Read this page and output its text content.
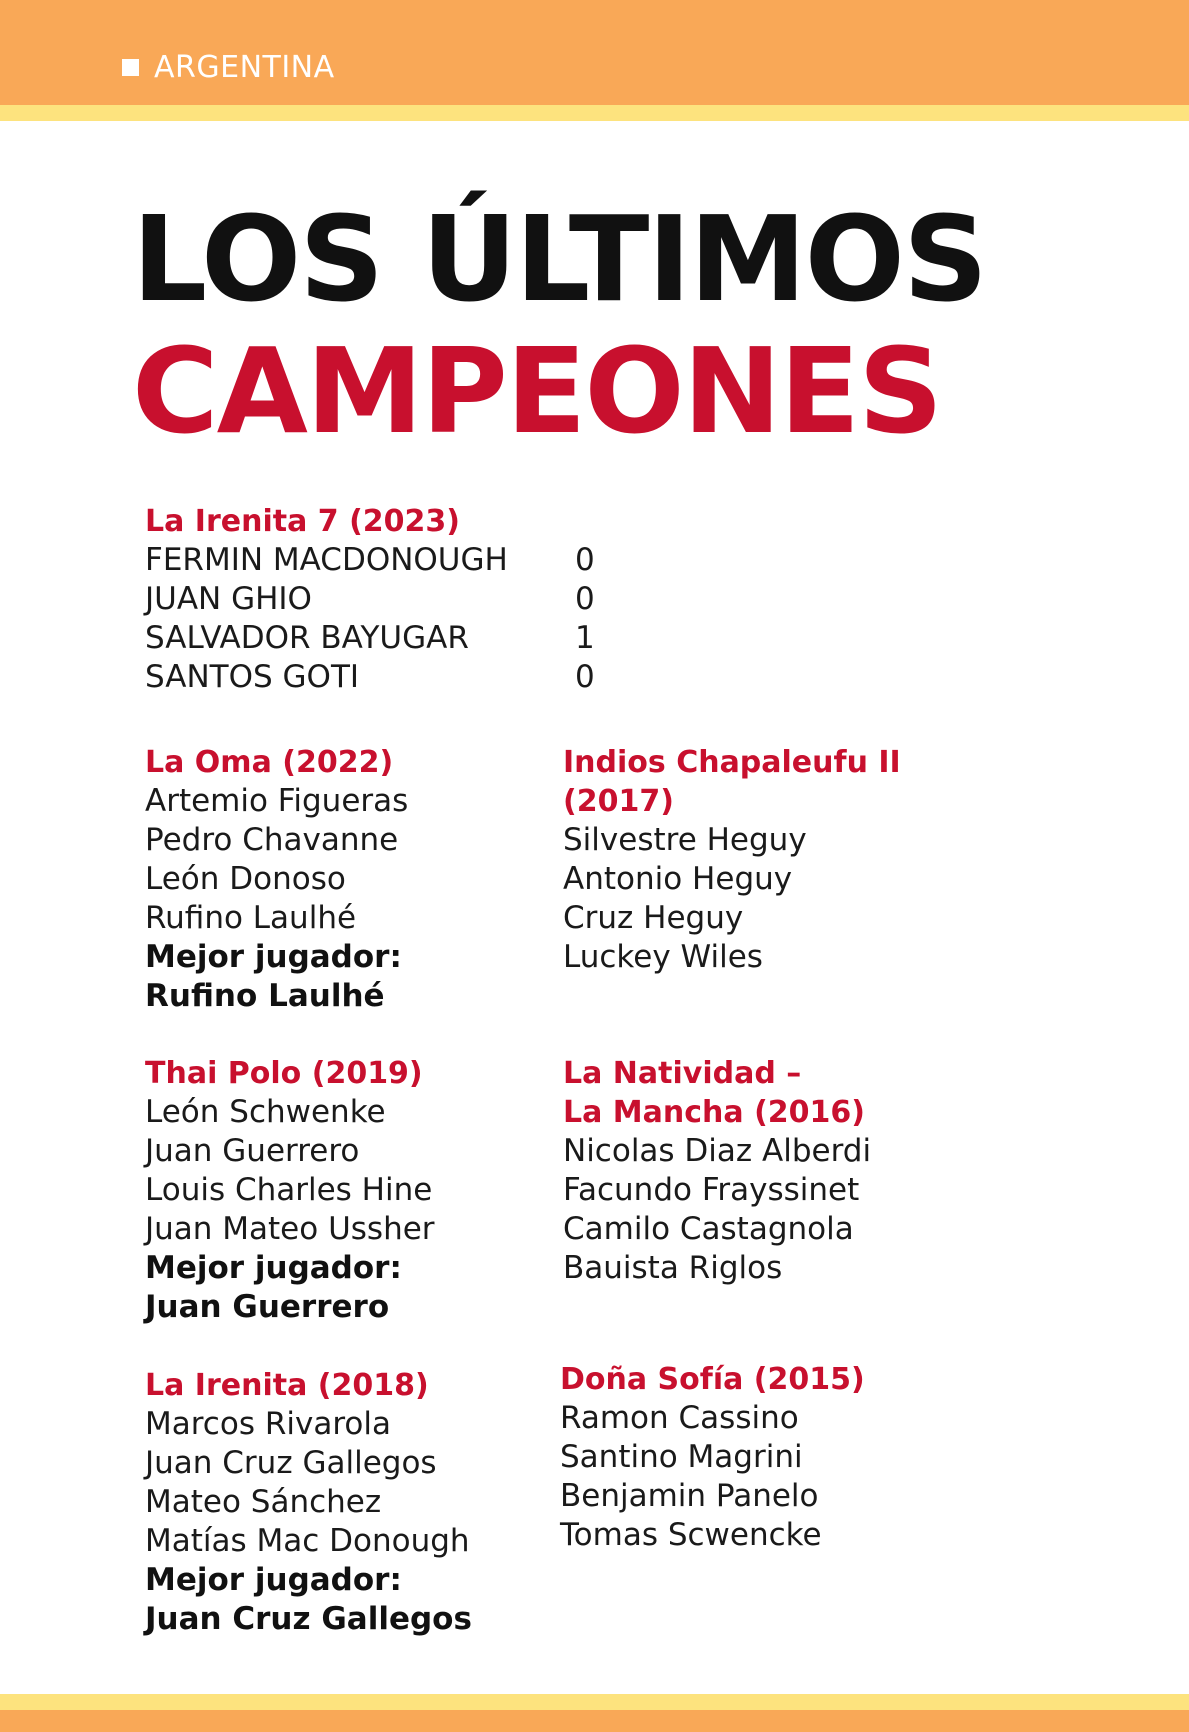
ARGENTINA
LOS ÚLTIMOS
CAMPEONES
La Irenita 7 (2023)
FERMIN MACDONOUGH	0
JUAN GHIO	0
SALVADOR BAYUGAR	1
SANTOS GOTI	0
La Oma (2022)
Artemio Figueras
Pedro Chavanne
León Donoso
Rufino Laulhé
Mejor jugador:
Rufino Laulhé
Thai Polo (2019)
León Schwenke
Juan Guerrero
Louis Charles Hine
Juan Mateo Ussher
Mejor jugador:
Juan Guerrero
La Irenita (2018)
Marcos Rivarola
Juan Cruz Gallegos
Mateo Sánchez
Matías Mac Donough
Mejor jugador:
Juan Cruz Gallegos
Indios Chapaleufu II
(2017)
Silvestre Heguy
Antonio Heguy
Cruz Heguy
Luckey Wiles
La Natividad –
La Mancha (2016)
Nicolas Diaz Alberdi
Facundo Frayssinet
Camilo Castagnola
Bauista Riglos
Doña Sofía (2015)
Ramon Cassino
Santino Magrini
Benjamin Panelo
Tomas Scwencke
